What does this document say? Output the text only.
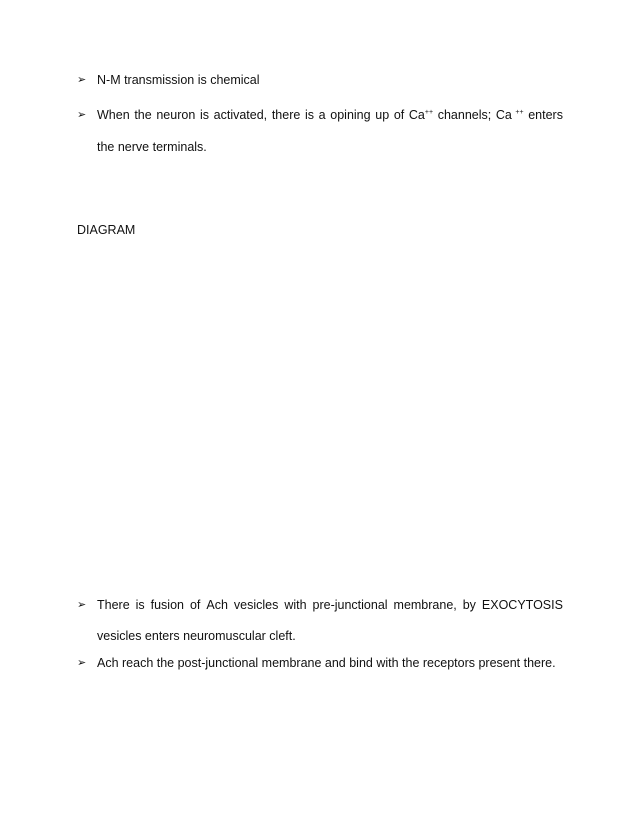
➢ N-M transmission is chemical
➢ When the neuron is activated, there is a opining up of Ca++ channels; Ca ++ enters
the nerve terminals.
DIAGRAM
➢ There is fusion of Ach vesicles with pre-junctional membrane, by EXOCYTOSIS
vesicles enters neuromuscular cleft.
➢ Ach reach the post-junctional membrane and bind with the receptors present there.
